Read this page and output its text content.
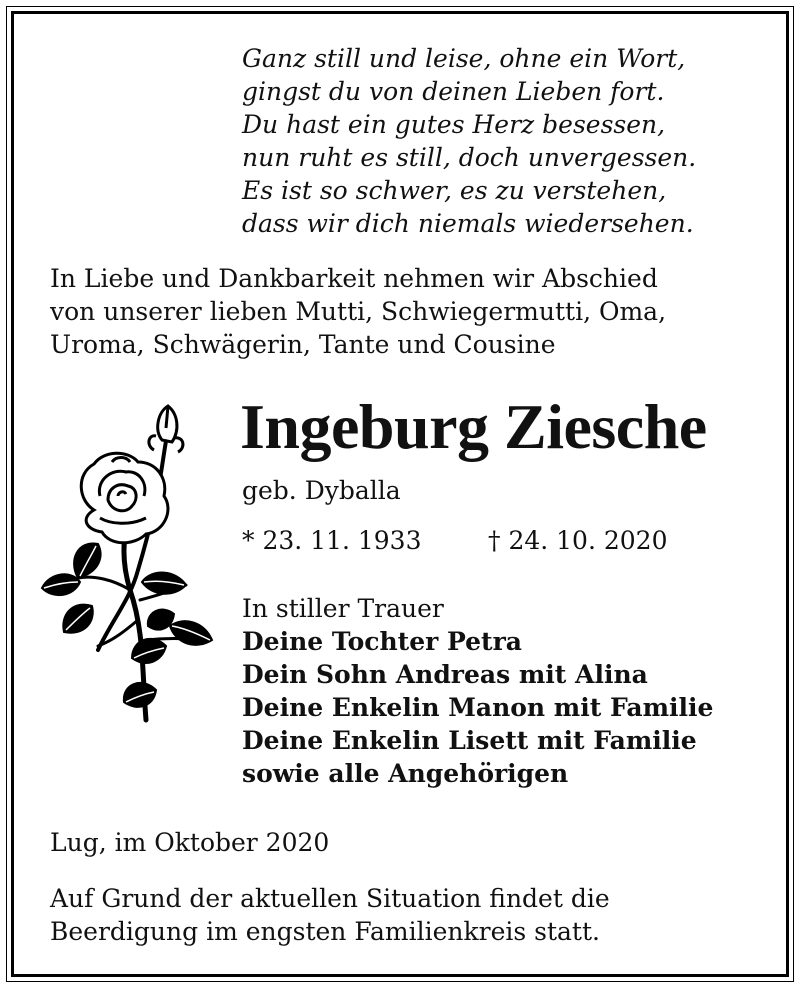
Ganz still und leise, ohne ein Wort,
gingst du von deinen Lieben fort.
Du hast ein gutes Herz besessen,
nun ruht es still, doch unvergessen.
Es ist so schwer, es zu verstehen,
dass wir dich niemals wiedersehen.
In Liebe und Dankbarkeit nehmen wir Abschied
von unserer lieben Mutti, Schwiegermutti, Oma,
Uroma, Schwägerin, Tante und Cousine
Ingeburg Ziesche
geb. Dyballa
* 23. 11. 1933	† 24. 10. 2020
In stiller Trauer
Deine Tochter Petra
Dein Sohn Andreas mit Alina
Deine Enkelin Manon mit Familie
Deine Enkelin Lisett mit Familie
sowie alle Angehörigen
Lug, im Oktober 2020
Auf Grund der aktuellen Situation findet die
Beerdigung im engsten Familienkreis statt.
